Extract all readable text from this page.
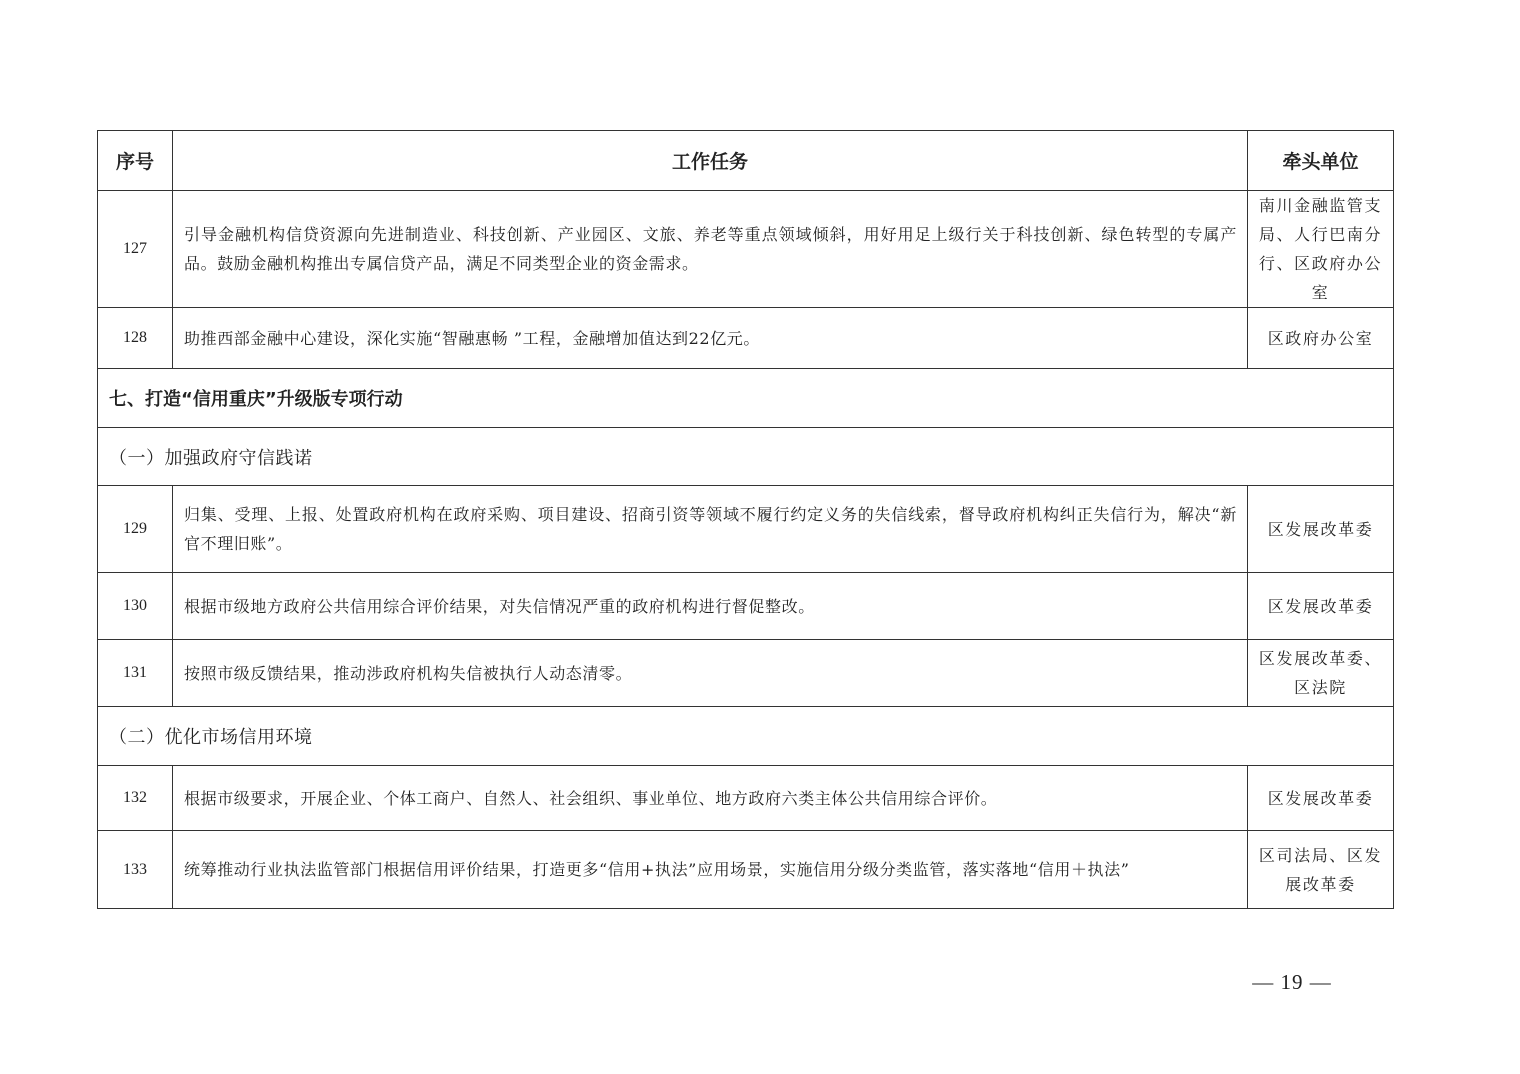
序号	工作任务	牵头单位
127	引导金融机构信贷资源向先进制造业、科技创新、产业园区、文旅、养老等重点领域倾斜，用好用足上级行关于科技创新、绿色转型的专属产品。鼓励金融机构推出专属信贷产品，满足不同类型企业的资金需求。	南川金融监管支局、人行巴南分行、区政府办公室
128	助推西部金融中心建设，深化实施“智融惠畅 ”工程，金融增加值达到22亿元。	区政府办公室
七、打造“信用重庆”升级版专项行动		
（一）加强政府守信践诺		
129	归集、受理、上报、处置政府机构在政府采购、项目建设、招商引资等领域不履行约定义务的失信线索，督导政府机构纠正失信行为，解决“新官不理旧账”。	区发展改革委
130	根据市级地方政府公共信用综合评价结果，对失信情况严重的政府机构进行督促整改。	区发展改革委
131	按照市级反馈结果，推动涉政府机构失信被执行人动态清零。	区发展改革委、区法院
（二）优化市场信用环境		
132	根据市级要求，开展企业、个体工商户、自然人、社会组织、事业单位、地方政府六类主体公共信用综合评价。	区发展改革委
133	统筹推动行业执法监管部门根据信用评价结果，打造更多“信用+执法”应用场景，实施信用分级分类监管，落实落地“信用＋执法”	区司法局、区发展改革委
— 19 —
